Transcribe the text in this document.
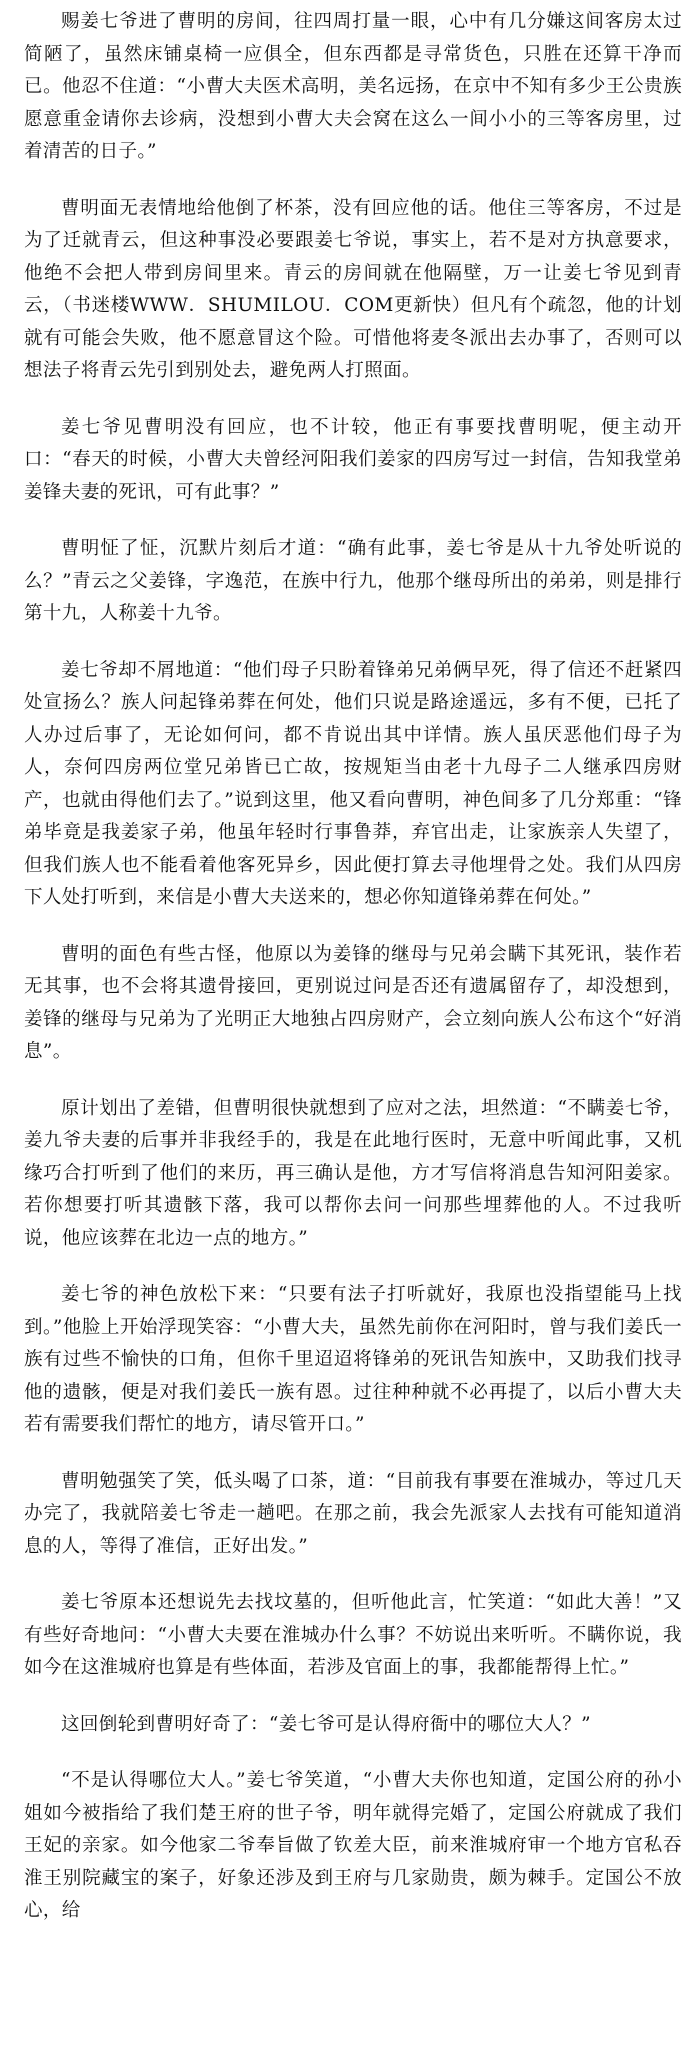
赐姜七爷进了曹明的房间，往四周打量一眼，心中有几分嫌这间客房太过简陋了，虽然床铺桌椅一应俱全，但东西都是寻常货色，只胜在还算干净而已。他忍不住道：“小曹大夫医术高明，美名远扬，在京中不知有多少王公贵族愿意重金请你去诊病，没想到小曹大夫会窝在这么一间小小的三等客房里，过着清苦的日子。”

曹明面无表情地给他倒了杯茶，没有回应他的话。他住三等客房，不过是为了迁就青云，但这种事没必要跟姜七爷说，事实上，若不是对方执意要求，他绝不会把人带到房间里来。青云的房间就在他隔壁，万一让姜七爷见到青云，（书迷楼WWW．SHUMILOU．COM更新快）但凡有个疏忽，他的计划就有可能会失败，他不愿意冒这个险。可惜他将麦冬派出去办事了，否则可以想法子将青云先引到别处去，避免两人打照面。

姜七爷见曹明没有回应，也不计较，他正有事要找曹明呢，便主动开口：“春天的时候，小曹大夫曾经河阳我们姜家的四房写过一封信，告知我堂弟姜锋夫妻的死讯，可有此事？”

曹明怔了怔，沉默片刻后才道：“确有此事，姜七爷是从十九爷处听说的么？”青云之父姜锋，字逸范，在族中行九，他那个继母所出的弟弟，则是排行第十九，人称姜十九爷。

姜七爷却不屑地道：“他们母子只盼着锋弟兄弟俩早死，得了信还不赶紧四处宣扬么？族人问起锋弟葬在何处，他们只说是路途遥远，多有不便，已托了人办过后事了，无论如何问，都不肯说出其中详情。族人虽厌恶他们母子为人，奈何四房两位堂兄弟皆已亡故，按规矩当由老十九母子二人继承四房财产，也就由得他们去了。”说到这里，他又看向曹明，神色间多了几分郑重：“锋弟毕竟是我姜家子弟，他虽年轻时行事鲁莽，弃官出走，让家族亲人失望了，但我们族人也不能看着他客死异乡，因此便打算去寻他埋骨之处。我们从四房下人处打听到，来信是小曹大夫送来的，想必你知道锋弟葬在何处。”

曹明的面色有些古怪，他原以为姜锋的继母与兄弟会瞒下其死讯，装作若无其事，也不会将其遗骨接回，更别说过问是否还有遗属留存了，却没想到，姜锋的继母与兄弟为了光明正大地独占四房财产，会立刻向族人公布这个“好消息”。

原计划出了差错，但曹明很快就想到了应对之法，坦然道：“不瞒姜七爷，姜九爷夫妻的后事并非我经手的，我是在此地行医时，无意中听闻此事，又机缘巧合打听到了他们的来历，再三确认是他，方才写信将消息告知河阳姜家。若你想要打听其遗骸下落，我可以帮你去问一问那些埋葬他的人。不过我听说，他应该葬在北边一点的地方。”

姜七爷的神色放松下来：“只要有法子打听就好，我原也没指望能马上找到。”他脸上开始浮现笑容：“小曹大夫，虽然先前你在河阳时，曾与我们姜氏一族有过些不愉快的口角，但你千里迢迢将锋弟的死讯告知族中，又助我们找寻他的遗骸，便是对我们姜氏一族有恩。过往种种就不必再提了，以后小曹大夫若有需要我们帮忙的地方，请尽管开口。”

曹明勉强笑了笑，低头喝了口茶，道：“目前我有事要在淮城办，等过几天办完了，我就陪姜七爷走一趟吧。在那之前，我会先派家人去找有可能知道消息的人，等得了准信，正好出发。”

姜七爷原本还想说先去找坟墓的，但听他此言，忙笑道：“如此大善！”又有些好奇地问：“小曹大夫要在淮城办什么事？不妨说出来听听。不瞒你说，我如今在这淮城府也算是有些体面，若涉及官面上的事，我都能帮得上忙。”

这回倒轮到曹明好奇了：“姜七爷可是认得府衙中的哪位大人？”

“不是认得哪位大人。”姜七爷笑道，“小曹大夫你也知道，定国公府的孙小姐如今被指给了我们楚王府的世子爷，明年就得完婚了，定国公府就成了我们王妃的亲家。如今他家二爷奉旨做了钦差大臣，前来淮城府审一个地方官私吞淮王别院藏宝的案子，好象还涉及到王府与几家勋贵，颇为棘手。定国公不放心，给
